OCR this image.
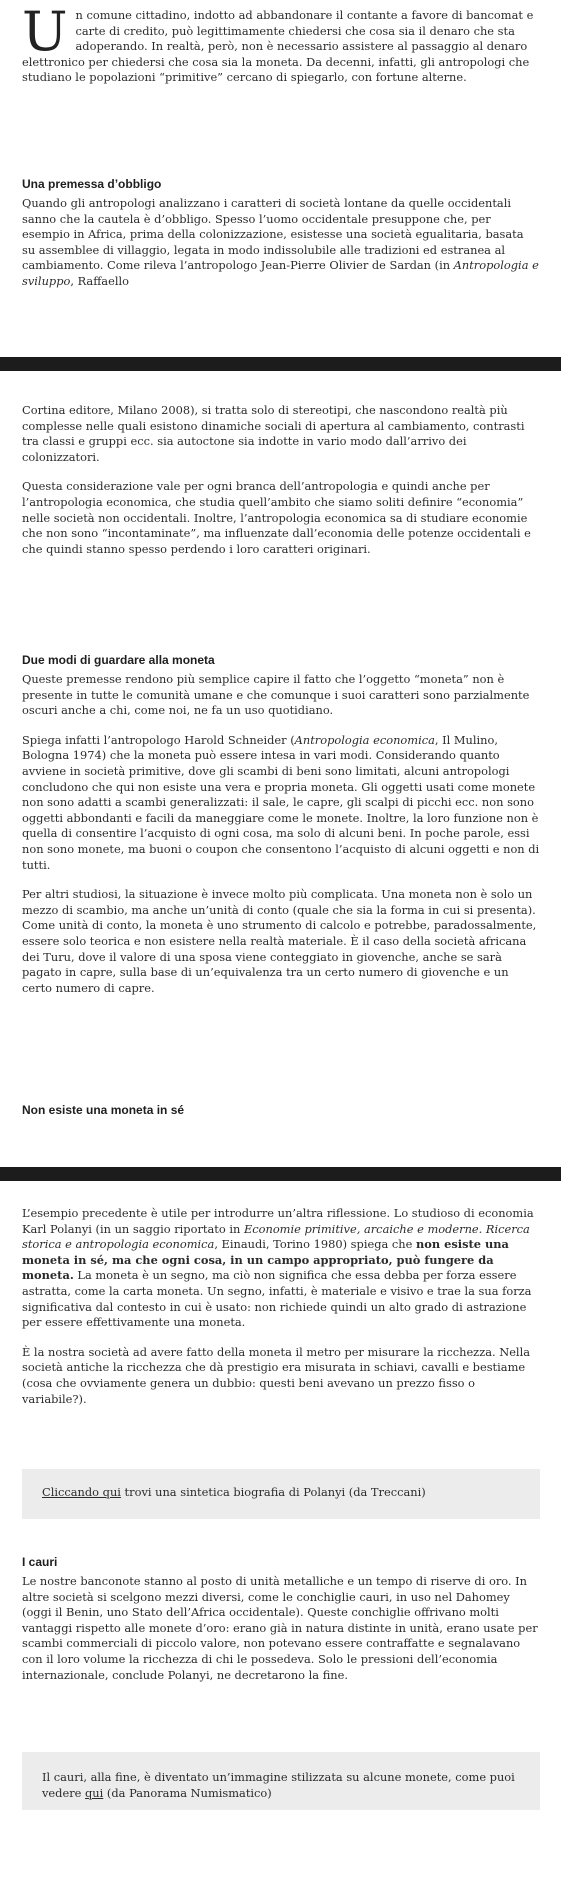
U n comune cittadino, indotto ad abbandonare il contante a favore di bancomat e carte di credito, può legittimamente chiedersi che cosa sia il denaro che sta adoperando. In realtà, però, non è necessario assistere al passaggio al denaro elettronico per chiedersi che cosa sia la moneta. Da decenni, infatti, gli antropologi che studiano le popolazioni “primitive” cercano di spiegarlo, con fortune alterne.

Una premessa d’obbligo

Quando gli antropologi analizzano i caratteri di società lontane da quelle occidentali sanno che la cautela è d’obbligo. Spesso l’uomo occidentale presuppone che, per esempio in Africa, prima della colonizzazione, esistesse una società egualitaria, basata su assemblee di villaggio, legata in modo indissolubile alle tradizioni ed estranea al cambiamento. Come rileva l’antropologo Jean-Pierre Olivier de Sardan (in Antropologia e sviluppo, Raffaello

Cortina editore, Milano 2008), si tratta solo di stereotipi, che nascondono realtà più complesse nelle quali esistono dinamiche sociali di apertura al cambiamento, contrasti tra classi e gruppi ecc. sia autoctone sia indotte in vario modo dall’arrivo dei colonizzatori.

Questa considerazione vale per ogni branca dell’antropologia e quindi anche per l’antropologia economica, che studia quell’ambito che siamo soliti definire “economia” nelle società non occidentali. Inoltre, l’antropologia economica sa di studiare economie che non sono “incontaminate”, ma influenzate dall’economia delle potenze occidentali e che quindi stanno spesso perdendo i loro caratteri originari.

Due modi di guardare alla moneta

Queste premesse rendono più semplice capire il fatto che l’oggetto “moneta” non è presente in tutte le comunità umane e che comunque i suoi caratteri sono parzialmente oscuri anche a chi, come noi, ne fa un uso quotidiano.

Spiega infatti l’antropologo Harold Schneider (Antropologia economica, Il Mulino, Bologna 1974) che la moneta può essere intesa in vari modi. Considerando quanto avviene in società primitive, dove gli scambi di beni sono limitati, alcuni antropologi concludono che qui non esiste una vera e propria moneta. Gli oggetti usati come monete non sono adatti a scambi generalizzati: il sale, le capre, gli scalpi di picchi ecc. non sono oggetti abbondanti e facili da maneggiare come le monete. Inoltre, la loro funzione non è quella di consentire l’acquisto di ogni cosa, ma solo di alcuni beni. In poche parole, essi non sono monete, ma buoni o coupon che consentono l’acquisto di alcuni oggetti e non di tutti.

Per altri studiosi, la situazione è invece molto più complicata. Una moneta non è solo un mezzo di scambio, ma anche un’unità di conto (quale che sia la forma in cui si presenta). Come unità di conto, la moneta è uno strumento di calcolo e potrebbe, paradossalmente, essere solo teorica e non esistere nella realtà materiale. È il caso della società africana dei Turu, dove il valore di una sposa viene conteggiato in giovenche, anche se sarà pagato in capre, sulla base di un’equivalenza tra un certo numero di giovenche e un certo numero di capre.

Non esiste una moneta in sé

L’esempio precedente è utile per introdurre un’altra riflessione. Lo studioso di economia Karl Polanyi (in un saggio riportato in Economie primitive, arcaiche e moderne. Ricerca storica e antropologia economica, Einaudi, Torino 1980) spiega che non esiste una moneta in sé, ma che ogni cosa, in un campo appropriato, può fungere da moneta. La moneta è un segno, ma ciò non significa che essa debba per forza essere astratta, come la carta moneta. Un segno, infatti, è materiale e visivo e trae la sua forza significativa dal contesto in cui è usato: non richiede quindi un alto grado di astrazione per essere effettivamente una moneta.

È la nostra società ad avere fatto della moneta il metro per misurare la ricchezza. Nella società antiche la ricchezza che dà prestigio era misurata in schiavi, cavalli e bestiame (cosa che ovviamente genera un dubbio: questi beni avevano un prezzo fisso o variabile?).

Cliccando qui trovi una sintetica biografia di Polanyi (da Treccani)

I cauri

Le nostre banconote stanno al posto di unità metalliche e un tempo di riserve di oro. In altre società si scelgono mezzi diversi, come le conchiglie cauri, in uso nel Dahomey (oggi il Benin, uno Stato dell’Africa occidentale). Queste conchiglie offrivano molti vantaggi rispetto alle monete d’oro: erano già in natura distinte in unità, erano usate per scambi commerciali di piccolo valore, non potevano essere contraffatte e segnalavano con il loro volume la ricchezza di chi le possedeva. Solo le pressioni dell’economia internazionale, conclude Polanyi, ne decretarono la fine.

Il cauri, alla fine, è diventato un’immagine stilizzata su alcune monete, come puoi vedere qui (da Panorama Numismatico)
